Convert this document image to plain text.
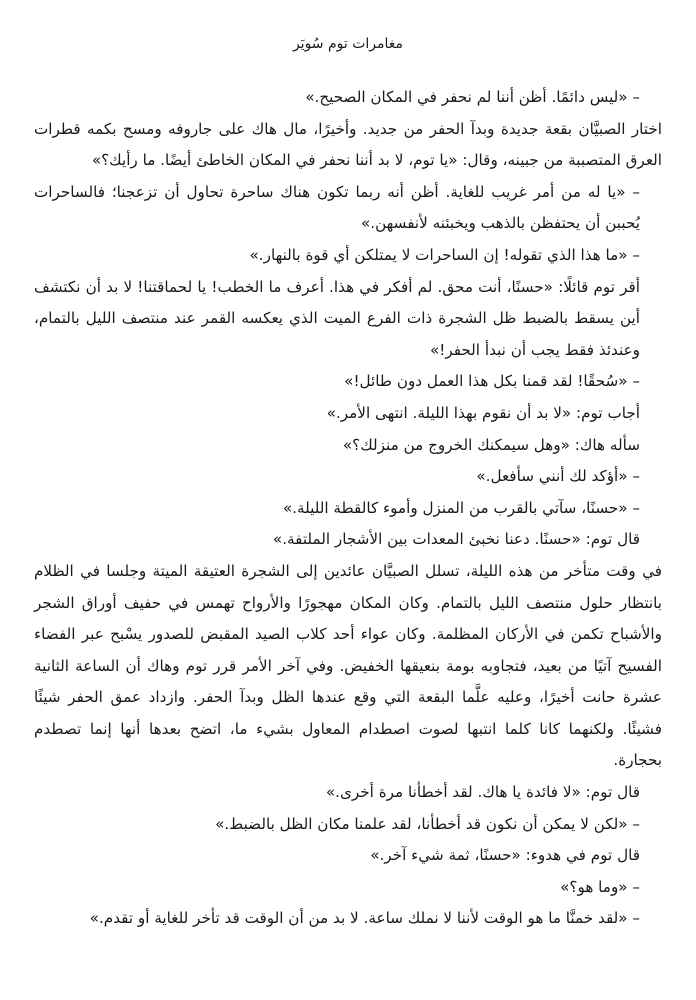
مغامرات توم سُويَر

– «ليس دائمًا. أظن أننا لم نحفر في المكان الصحيح.»

اختار الصبيَّان بقعة جديدة وبدآ الحفر من جديد. وأخيرًا، مال هاك على جاروفه ومسح بكمه قطرات العرق المتصببة من جبينه، وقال: «يا توم، لا بد أننا نحفر في المكان الخاطئ أيضًا. ما رأيك؟»

– «يا له من أمر غريب للغاية. أظن أنه ربما تكون هناك ساحرة تحاول أن تزعجنا؛ فالساحرات يُحببن أن يحتفظن بالذهب ويخبئنه لأنفسهن.»

– «ما هذا الذي تقوله! إن الساحرات لا يمتلكن أي قوة بالنهار.»

أقر توم قائلًا: «حسنًا، أنت محق. لم أفكر في هذا. أعرف ما الخطب! يا لحماقتنا! لا بد أن نكتشف أين يسقط بالضبط ظل الشجرة ذات الفرع الميت الذي يعكسه القمر عند منتصف الليل بالتمام، وعندئذ فقط يجب أن نبدأ الحفر!»

– «سُحقًا! لقد قمنا بكل هذا العمل دون طائل!»

أجاب توم: «لا بد أن نقوم بهذا الليلة. انتهى الأمر.»

سأله هاك: «وهل سيمكنك الخروج من منزلك؟»

– «أؤكد لك أنني سأفعل.»

– «حسنًا، سآتي بالقرب من المنزل وأموء كالقطة الليلة.»

قال توم: «حسنًا. دعنا نخبئ المعدات بين الأشجار الملتفة.»

في وقت متأخر من هذه الليلة، تسلل الصبيَّان عائدين إلى الشجرة العتيقة الميتة وجلسا في الظلام بانتظار حلول منتصف الليل بالتمام. وكان المكان مهجورًا والأرواح تهمس في حفيف أوراق الشجر والأشباح تكمن في الأركان المظلمة. وكان عواء أحد كلاب الصيد المقبض للصدور يسْبح عبر الفضاء الفسيح آتيًا من بعيد، فتجاوبه بومة بنعيقها الخفيض. وفي آخر الأمر قرر توم وهاك أن الساعة الثانية عشرة حانت أخيرًا، وعليه علَّما البقعة التي وقع عندها الظل وبدآ الحفر. وازداد عمق الحفر شيئًا فشيئًا. ولكنهما كانا كلما انتبها لصوت اصطدام المعاول بشيء ما، اتضح بعدها أنها إنما تصطدم بحجارة.

قال توم: «لا فائدة يا هاك. لقد أخطأنا مرة أخرى.»

– «لكن لا يمكن أن نكون قد أخطأنا، لقد علمنا مكان الظل بالضبط.»

قال توم في هدوء: «حسنًا، ثمة شيء آخر.»

– «وما هو؟»

– «لقد خمنَّا ما هو الوقت لأننا لا نملك ساعة. لا بد من أن الوقت قد تأخر للغاية أو تقدم.»
